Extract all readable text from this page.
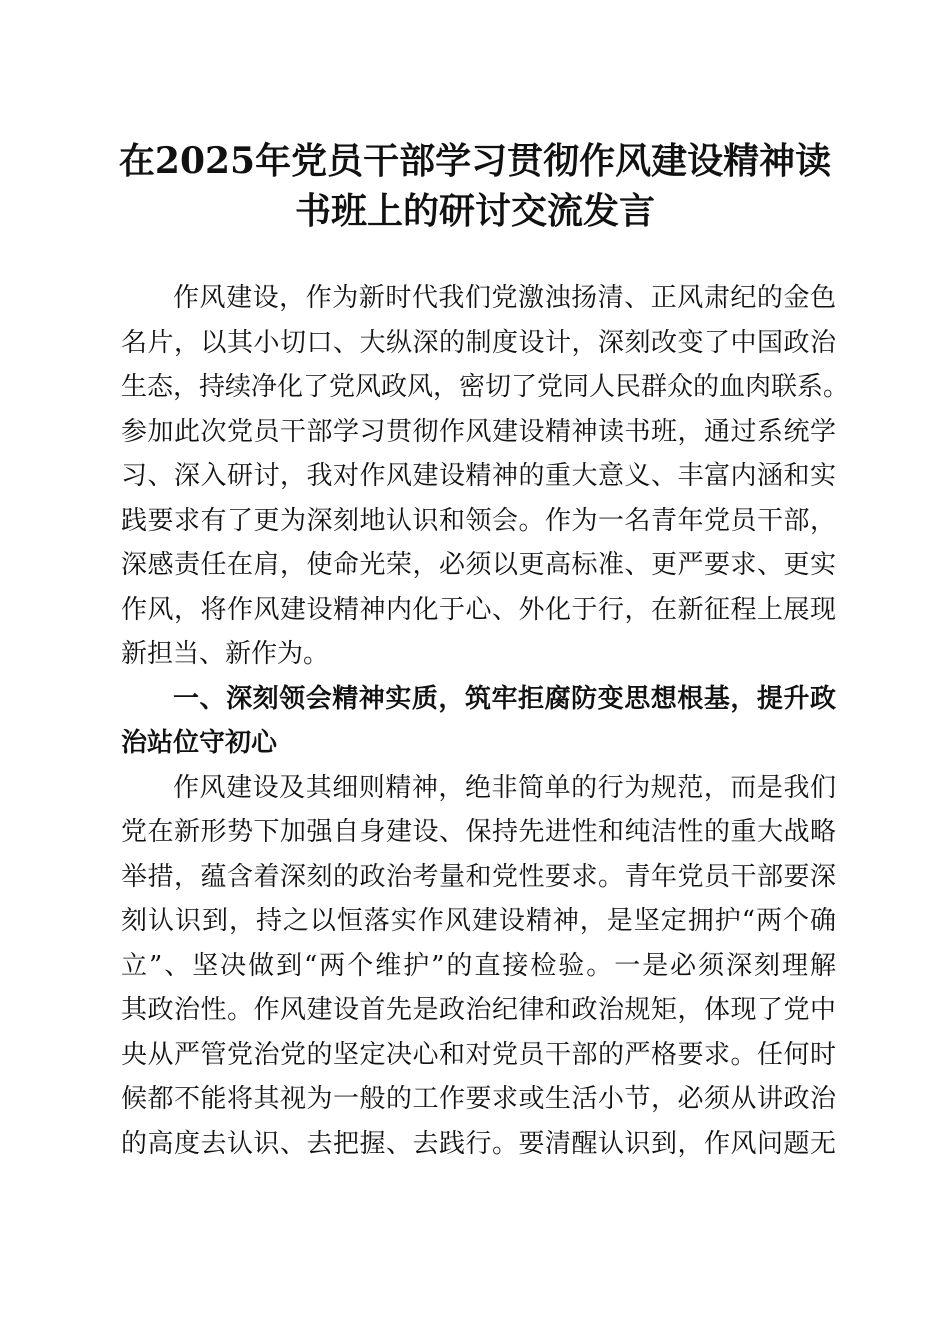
在2025年党员干部学习贯彻作风建设精神读
书班上的研讨交流发言
作风建设，作为新时代我们党激浊扬清、正风肃纪的金色
名片，以其小切口、大纵深的制度设计，深刻改变了中国政治
生态，持续净化了党风政风，密切了党同人民群众的血肉联系。
参加此次党员干部学习贯彻作风建设精神读书班，通过系统学
习、深入研讨，我对作风建设精神的重大意义、丰富内涵和实
践要求有了更为深刻地认识和领会。作为一名青年党员干部，
深感责任在肩，使命光荣，必须以更高标准、更严要求、更实
作风，将作风建设精神内化于心、外化于行，在新征程上展现
新担当、新作为。
一、深刻领会精神实质，筑牢拒腐防变思想根基，提升政
治站位守初心
作风建设及其细则精神，绝非简单的行为规范，而是我们
党在新形势下加强自身建设、保持先进性和纯洁性的重大战略
举措，蕴含着深刻的政治考量和党性要求。青年党员干部要深
刻认识到，持之以恒落实作风建设精神，是坚定拥护“两个确
立”、坚决做到“两个维护”的直接检验。一是必须深刻理解
其政治性。作风建设首先是政治纪律和政治规矩，体现了党中
央从严管党治党的坚定决心和对党员干部的严格要求。任何时
候都不能将其视为一般的工作要求或生活小节，必须从讲政治
的高度去认识、去把握、去践行。要清醒认识到，作风问题无
